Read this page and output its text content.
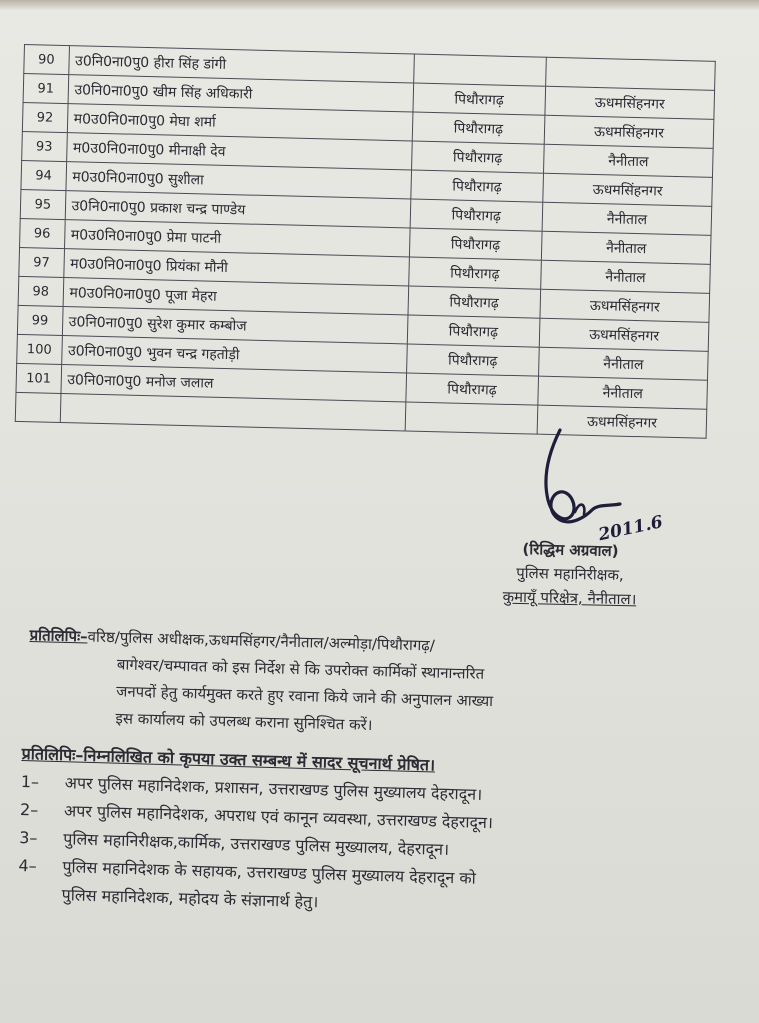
90	उ0नि0ना0पु0 हीरा सिंह डांगी		
91	उ0नि0ना0पु0 खीम सिंह अधिकारी	पिथौरागढ़	ऊधमसिंहनगर
92	म0उ0नि0ना0पु0 मेघा शर्मा	पिथौरागढ़	ऊधमसिंहनगर
93	म0उ0नि0ना0पु0 मीनाक्षी देव	पिथौरागढ़	नैनीताल
94	म0उ0नि0ना0पु0 सुशीला	पिथौरागढ़	ऊधमसिंहनगर
95	उ0नि0ना0पु0 प्रकाश चन्द्र पाण्डेय	पिथौरागढ़	नैनीताल
96	म0उ0नि0ना0पु0 प्रेमा पाटनी	पिथौरागढ़	नैनीताल
97	म0उ0नि0ना0पु0 प्रियंका मौनी	पिथौरागढ़	नैनीताल
98	म0उ0नि0ना0पु0 पूजा मेहरा	पिथौरागढ़	ऊधमसिंहनगर
99	उ0नि0ना0पु0 सुरेश कुमार कम्बोज	पिथौरागढ़	ऊधमसिंहनगर
100	उ0नि0ना0पु0 भुवन चन्द्र गहतोड़ी	पिथौरागढ़	नैनीताल
101	उ0नि0ना0पु0 मनोज जलाल	पिथौरागढ़	नैनीताल
			ऊधमसिंहनगर
2011.6
(रिद्धिम अग्रवाल)
पुलिस महानिरीक्षक,
कुमायूँ परिक्षेत्र, नैनीताल।
प्रतिलिपिः–वरिष्ठ/पुलिस अधीक्षक,ऊधमसिंहगर/नैनीताल/अल्मोड़ा/पिथौरागढ़/
बागेश्वर/चम्पावत को इस निर्देश से कि उपरोक्त कार्मिकों स्थानान्तरित
जनपदों हेतु कार्यमुक्त करते हुए रवाना किये जाने की अनुपालन आख्या
इस कार्यालय को उपलब्ध कराना सुनिश्चित करें।
प्रतिलिपिः–निम्नलिखित को कृपया उक्त सम्बन्ध में सादर सूचनार्थ प्रेषित।
1–	अपर पुलिस महानिदेशक, प्रशासन, उत्तराखण्ड पुलिस मुख्यालय देहरादून।
2–	अपर पुलिस महानिदेशक, अपराध एवं कानून व्यवस्था, उत्तराखण्ड देहरादून।
3–	पुलिस महानिरीक्षक,कार्मिक, उत्तराखण्ड पुलिस मुख्यालय, देहरादून।
4–	पुलिस महानिदेशक के सहायक, उत्तराखण्ड पुलिस मुख्यालय देहरादून को
पुलिस महानिदेशक, महोदय के संज्ञानार्थ हेतु।
